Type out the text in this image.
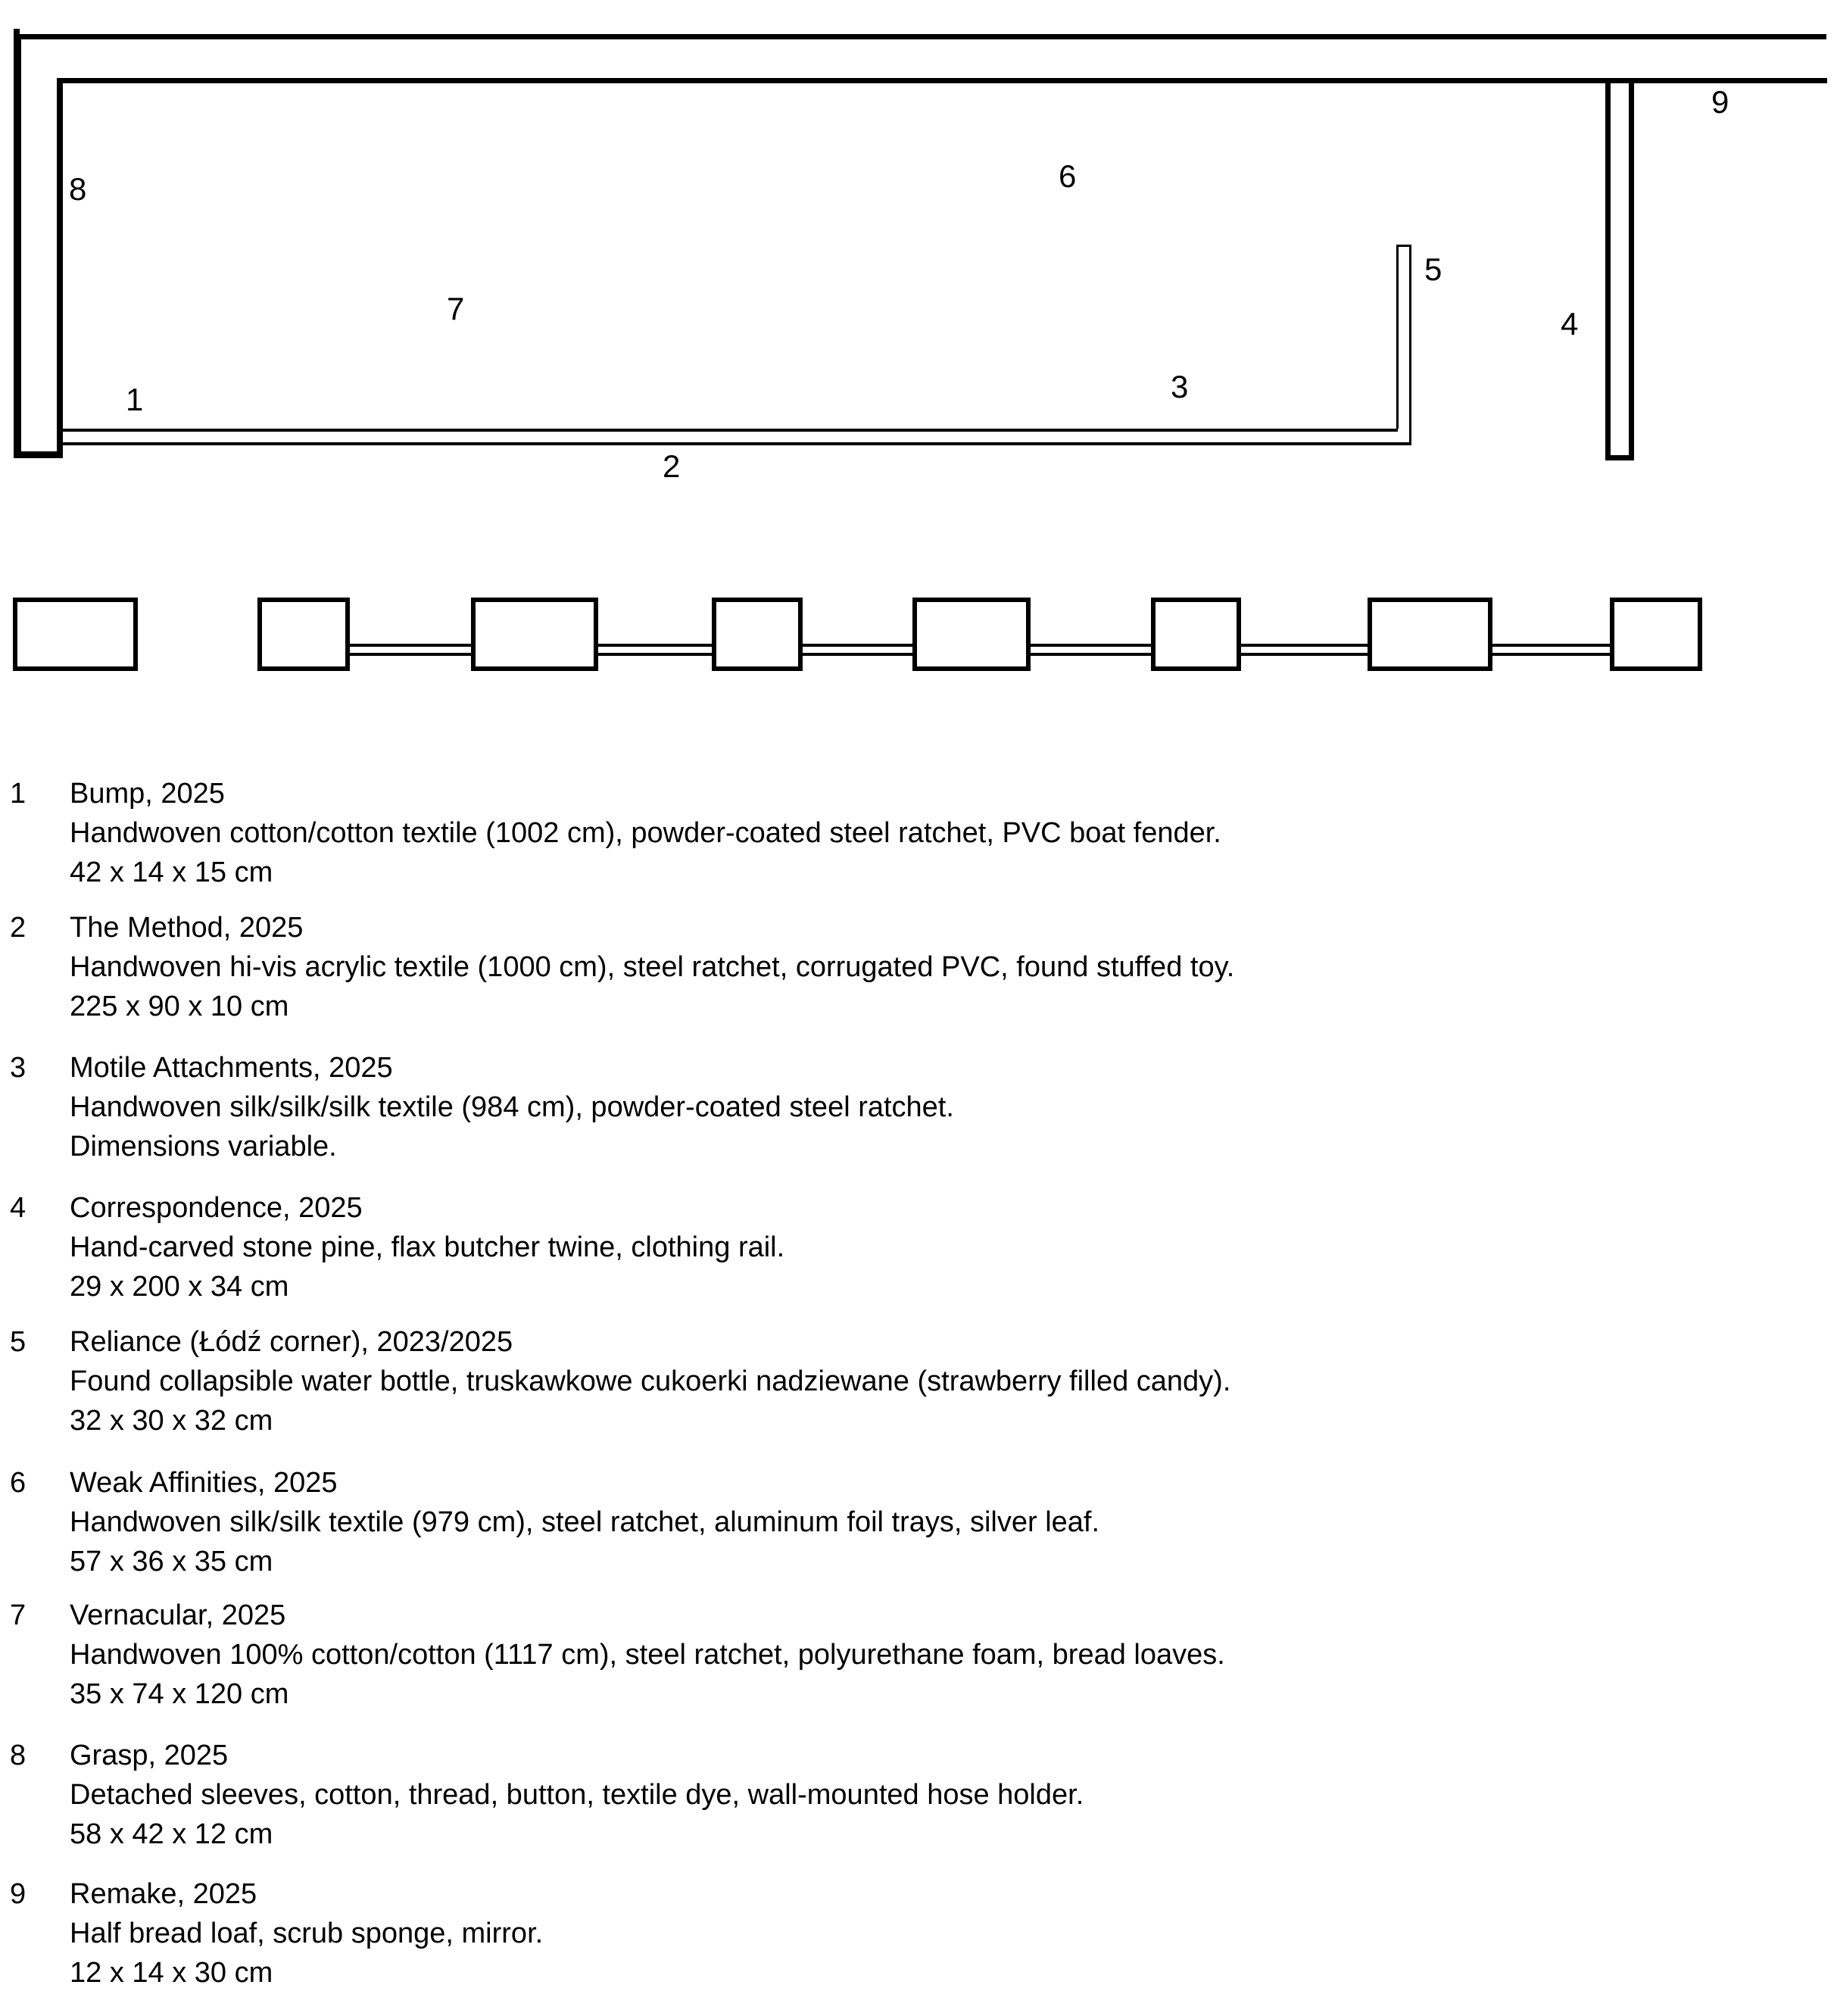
1
2
3
4
5
6
7
8
9
1 Bump, 2025
Handwoven cotton/cotton textile (1002 cm), powder-coated steel ratchet, PVC boat fender.
42 x 14 x 15 cm
2 The Method, 2025
Handwoven hi-vis acrylic textile (1000 cm), steel ratchet, corrugated PVC, found stuffed toy.
225 x 90 x 10 cm
3 Motile Attachments, 2025
Handwoven silk/silk/silk textile (984 cm), powder-coated steel ratchet.
Dimensions variable.
4 Correspondence, 2025
Hand-carved stone pine, flax butcher twine, clothing rail.
29 x 200 x 34 cm
5 Reliance (Łódź corner), 2023/2025
Found collapsible water bottle, truskawkowe cukoerki nadziewane (strawberry filled candy).
32 x 30 x 32 cm
6 Weak Affinities, 2025
Handwoven silk/silk textile (979 cm), steel ratchet, aluminum foil trays, silver leaf.
57 x 36 x 35 cm
7 Vernacular, 2025
Handwoven 100% cotton/cotton (1117 cm), steel ratchet, polyurethane foam, bread loaves.
35 x 74 x 120 cm
8 Grasp, 2025
Detached sleeves, cotton, thread, button, textile dye, wall-mounted hose holder.
58 x 42 x 12 cm
9 Remake, 2025
Half bread loaf, scrub sponge, mirror.
12 x 14 x 30 cm
